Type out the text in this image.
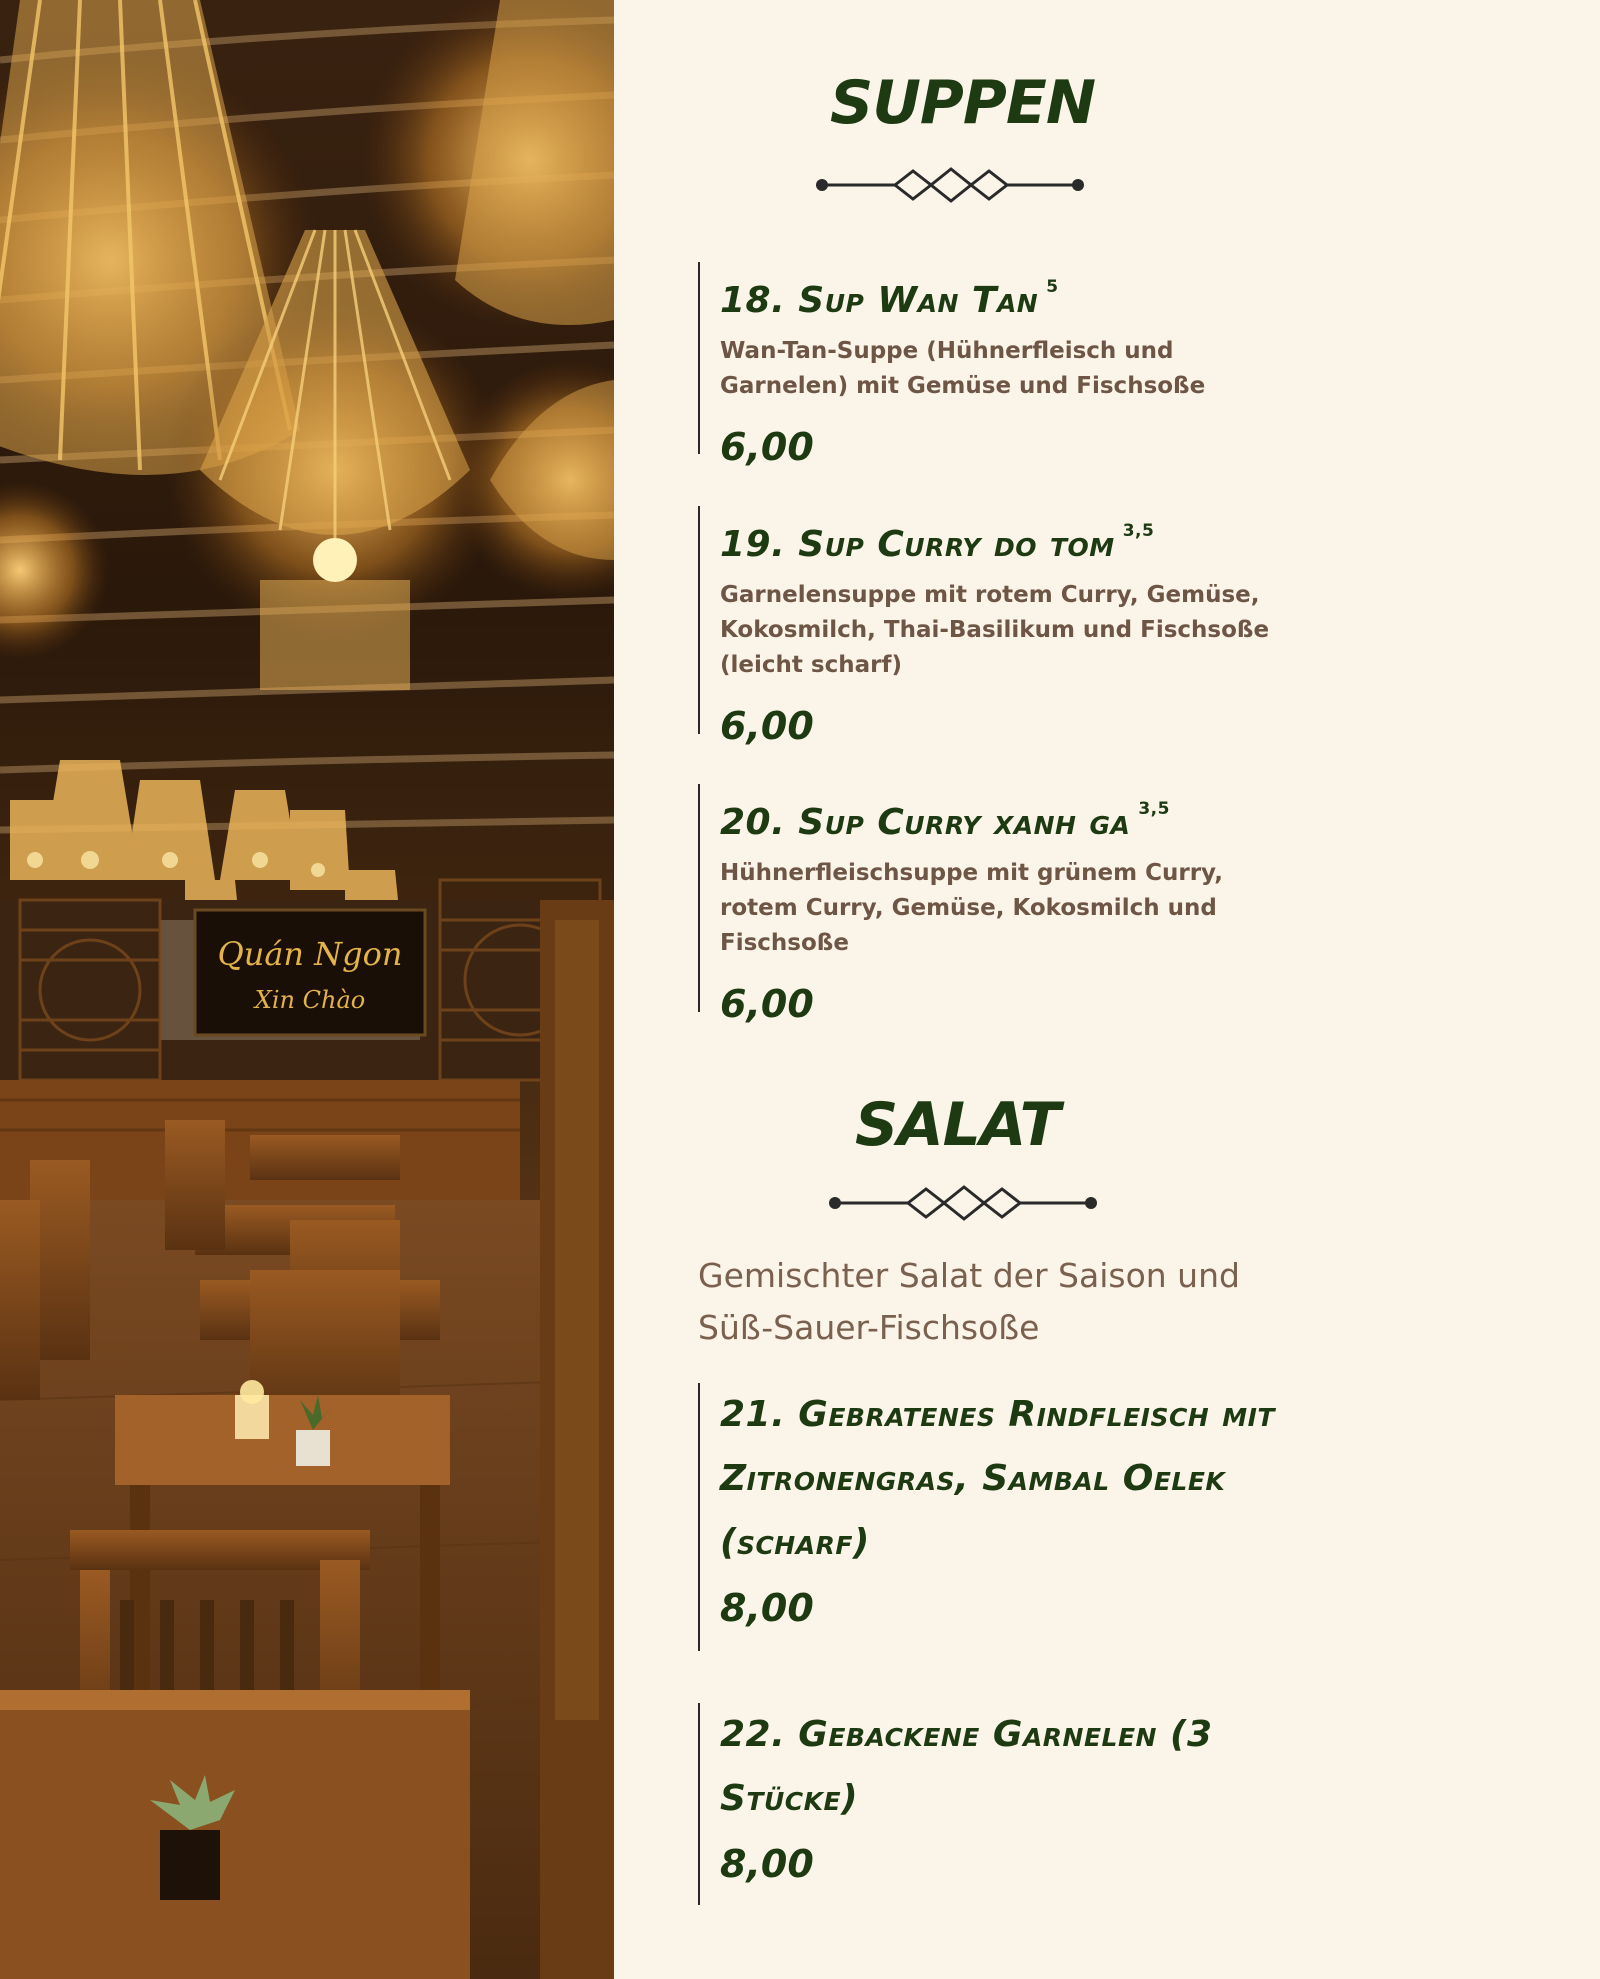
Quán Ngon
Xin Chào
SUPPEN
18. Sup Wan Tan $^5$
Wan-Tan-Suppe (Hühnerfleisch und Garnelen) mit Gemüse und Fischsoße
6,00
19. Sup Curry do tom $^{3,5}$
Garnelensuppe mit rotem Curry, Gemüse, Kokosmilch, Thai-Basilikum und Fischsoße (leicht scharf)
6,00
20. Sup Curry xanh ga $^{3,5}$
Hühnerfleischsuppe mit grünem Curry, rotem Curry, Gemüse, Kokosmilch und Fischsoße
6,00
SALAT
Gemischter Salat der Saison und Süß-Sauer-Fischsoße
21. Gebratenes Rindfleisch mit Zitronengras, Sambal Oelek (scharf)
8,00
22. Gebackene Garnelen (3 Stücke)
8,00
